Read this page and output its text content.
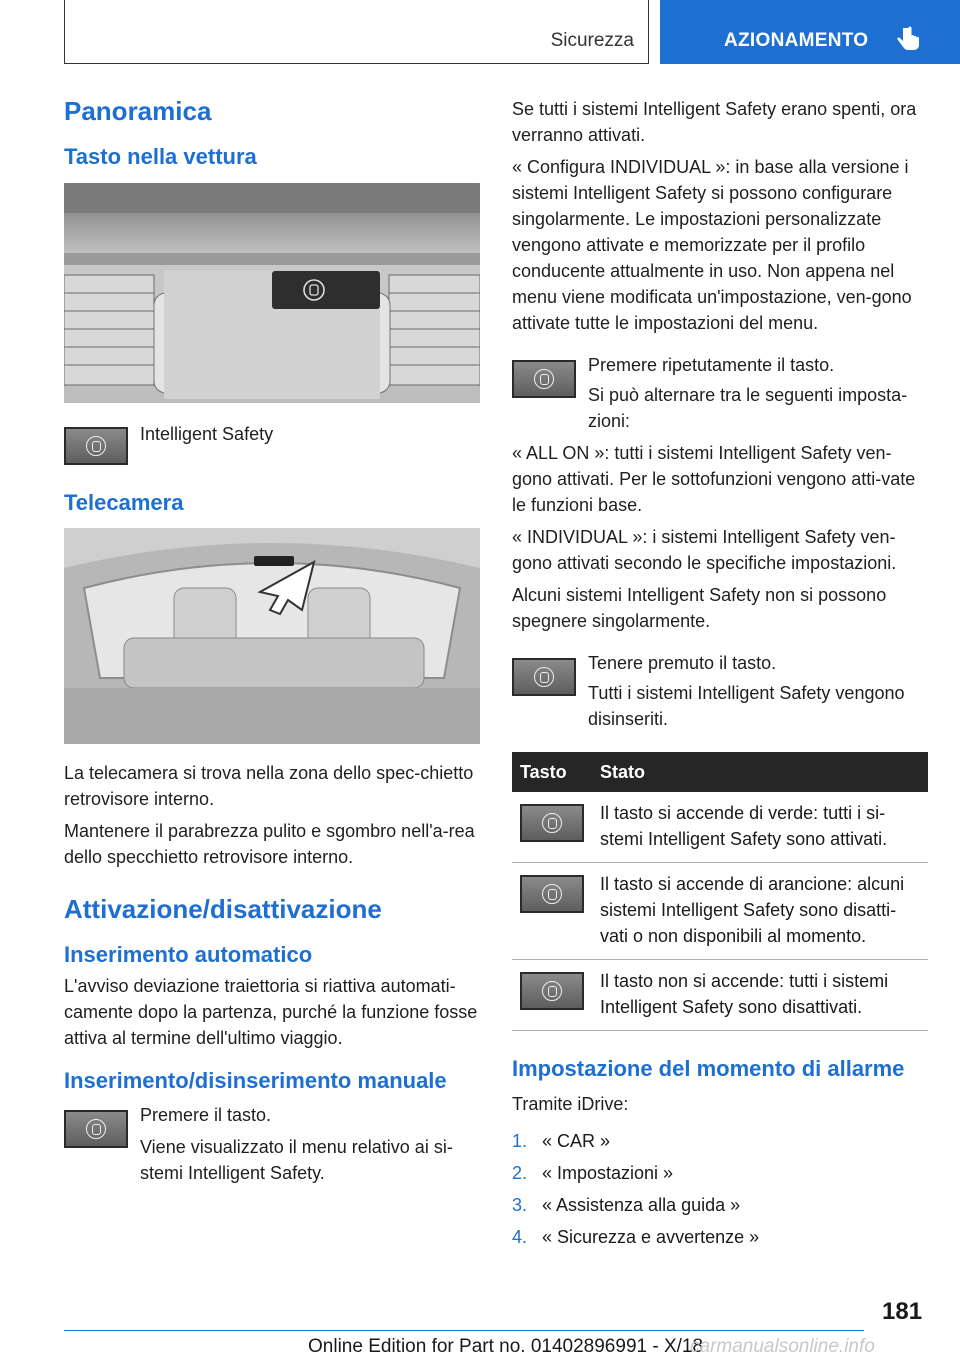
Sicurezza	AZIONAMENTO
Panoramica
Tasto nella vettura
Intelligent Safety
Telecamera
La telecamera si trova nella zona dello spec-chietto retrovisore interno.
Mantenere il parabrezza pulito e sgombro nell'a-rea dello specchietto retrovisore interno.
Attivazione/disattivazione
Inserimento automatico
L'avviso deviazione traiettoria si riattiva automati-camente dopo la partenza, purché la funzione fosse attiva al termine dell'ultimo viaggio.
Inserimento/disinserimento manuale
Premere il tasto.
Viene visualizzato il menu relativo ai si-stemi Intelligent Safety.
Se tutti i sistemi Intelligent Safety erano spenti, ora verranno attivati.
« Configura INDIVIDUAL »: in base alla versione i sistemi Intelligent Safety si possono configurare singolarmente. Le impostazioni personalizzate vengono attivate e memorizzate per il profilo conducente attualmente in uso. Non appena nel menu viene modificata un'impostazione, ven-gono attivate tutte le impostazioni del menu.
Premere ripetutamente il tasto.
Si può alternare tra le seguenti imposta-zioni:
« ALL ON »: tutti i sistemi Intelligent Safety ven-gono attivati. Per le sottofunzioni vengono atti-vate le funzioni base.
« INDIVIDUAL »: i sistemi Intelligent Safety ven-gono attivati secondo le specifiche impostazioni.
Alcuni sistemi Intelligent Safety non si possono spegnere singolarmente.
Tenere premuto il tasto.
Tutti i sistemi Intelligent Safety vengono disinseriti.
Tasto	Stato

	Il tasto si accende di verde: tutti i si-stemi Intelligent Safety sono attivati.

	Il tasto si accende di arancione: alcuni sistemi Intelligent Safety sono disatti-vati o non disponibili al momento.

	Il tasto non si accende: tutti i sistemi Intelligent Safety sono disattivati.
Impostazione del momento di allarme
Tramite iDrive:
1. « CAR »
2. « Impostazioni »
3. « Assistenza alla guida »
4. « Sicurezza e avvertenze »
181
Online Edition for Part no. 01402896991 - X/18
carmanualsonline.info
